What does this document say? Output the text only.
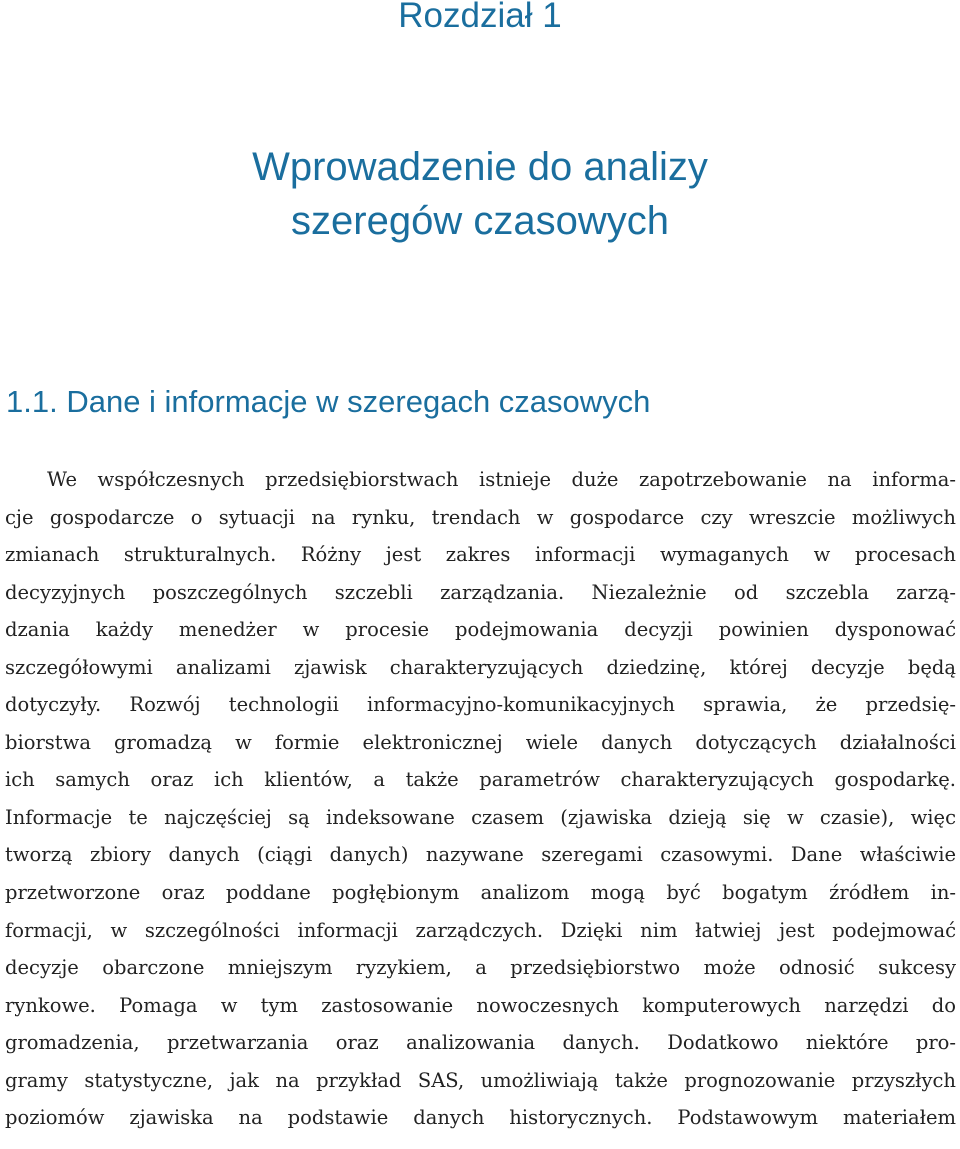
Rozdział 1
Wprowadzenie do analizy
szeregów czasowych
1.1. Dane i informacje w szeregach czasowych
We współczesnych przedsiębiorstwach istnieje duże zapotrzebowanie na informa-
cje gospodarcze o sytuacji na rynku, trendach w gospodarce czy wreszcie możliwych
zmianach strukturalnych. Różny jest zakres informacji wymaganych w procesach
decyzyjnych poszczególnych szczebli zarządzania. Niezależnie od szczebla zarzą-
dzania każdy menedżer w procesie podejmowania decyzji powinien dysponować
szczegółowymi analizami zjawisk charakteryzujących dziedzinę, której decyzje będą
dotyczyły. Rozwój technologii informacyjno-komunikacyjnych sprawia, że przedsię-
biorstwa gromadzą w formie elektronicznej wiele danych dotyczących działalności
ich samych oraz ich klientów, a także parametrów charakteryzujących gospodarkę.
Informacje te najczęściej są indeksowane czasem (zjawiska dzieją się w czasie), więc
tworzą zbiory danych (ciągi danych) nazywane szeregami czasowymi. Dane właściwie
przetworzone oraz poddane pogłębionym analizom mogą być bogatym źródłem in-
formacji, w szczególności informacji zarządczych. Dzięki nim łatwiej jest podejmować
decyzje obarczone mniejszym ryzykiem, a przedsiębiorstwo może odnosić sukcesy
rynkowe. Pomaga w tym zastosowanie nowoczesnych komputerowych narzędzi do
gromadzenia, przetwarzania oraz analizowania danych. Dodatkowo niektóre pro-
gramy statystyczne, jak na przykład SAS, umożliwiają także prognozowanie przyszłych
poziomów zjawiska na podstawie danych historycznych. Podstawowym materiałem
